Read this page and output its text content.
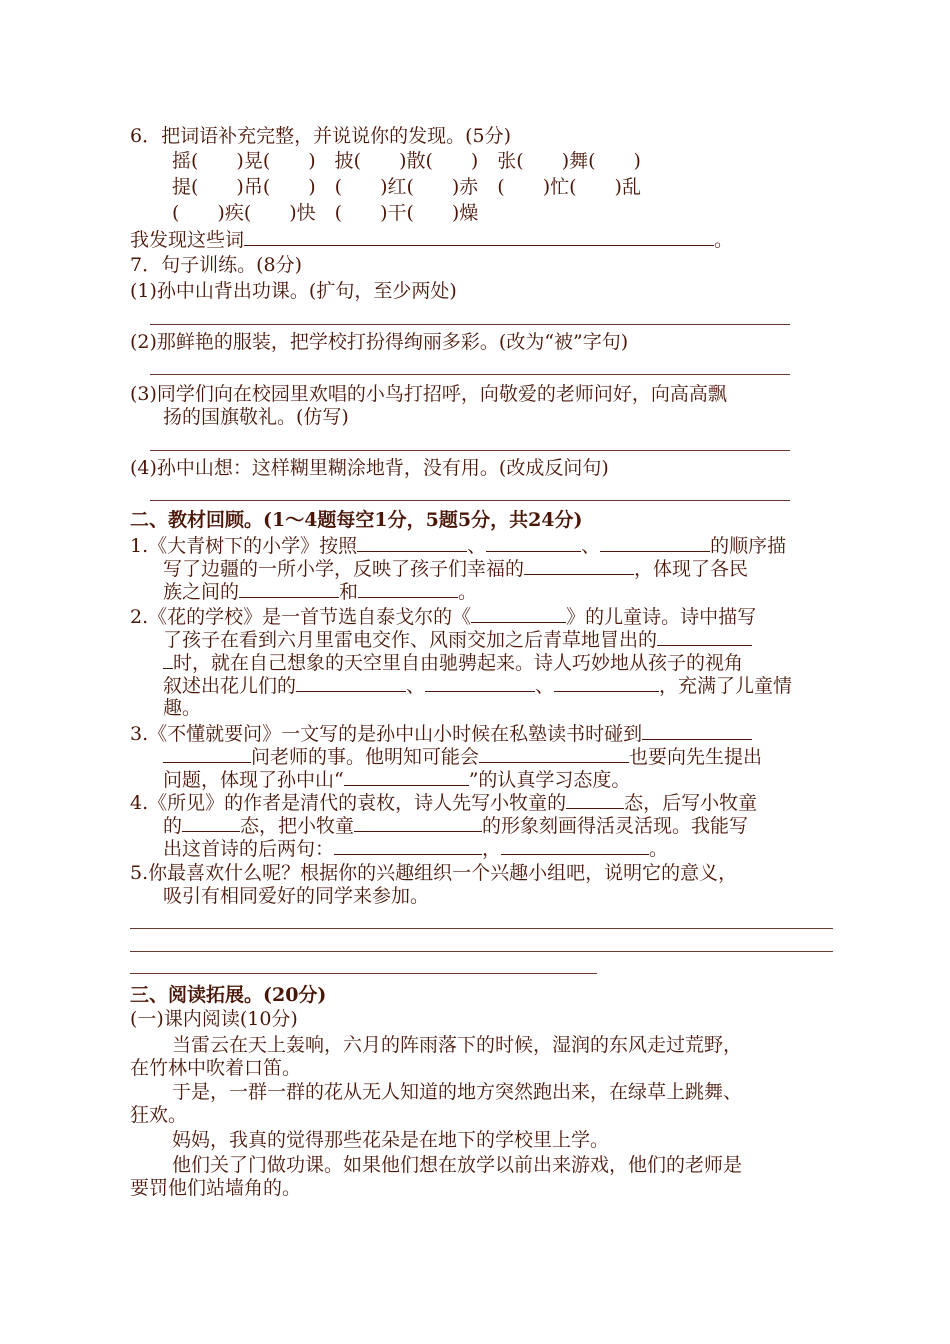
6．把词语补充完整，并说说你的发现。(5分)
摇(　　)晃(　　)　披(　　)散(　　)　张(　　)舞(　　)
提(　　)吊(　　)　(　　)红(　　)赤　(　　)忙(　　)乱
(　　)疾(　　)快　(　　)干(　　)燥
我发现这些词	。
7．句子训练。(8分)
(1)孙中山背出功课。(扩句，至少两处)
(2)那鲜艳的服装，把学校打扮得绚丽多彩。(改为“被”字句)
(3)同学们向在校园里欢唱的小鸟打招呼，向敬爱的老师问好，向高高飘
扬的国旗敬礼。(仿写)
(4)孙中山想：这样糊里糊涂地背，没有用。(改成反问句)
二、教材回顾。(1～4题每空1分，5题5分，共24分)
1.《大青树下的小学》按照	、	、	的顺序描
写了边疆的一所小学，反映了孩子们幸福的	，体现了各民
族之间的	和	。
2.《花的学校》是一首节选自泰戈尔的《	》的儿童诗。诗中描写
了孩子在看到六月里雷电交作、风雨交加之后青草地冒出的
时，就在自己想象的天空里自由驰骋起来。诗人巧妙地从孩子的视角
叙述出花儿们的	、	、	，充满了儿童情
趣。
3.《不懂就要问》一文写的是孙中山小时候在私塾读书时碰到
问老师的事。他明知可能会	也要向先生提出
问题，体现了孙中山“	”的认真学习态度。
4.《所见》的作者是清代的袁枚，诗人先写小牧童的	态，后写小牧童
的	态，把小牧童	的形象刻画得活灵活现。我能写
出这首诗的后两句：	，	。
5.你最喜欢什么呢？根据你的兴趣组织一个兴趣小组吧，说明它的意义，
吸引有相同爱好的同学来参加。
三、阅读拓展。(20分)
(一)课内阅读(10分)
当雷云在天上轰响，六月的阵雨落下的时候，湿润的东风走过荒野，
在竹林中吹着口笛。
于是，一群一群的花从无人知道的地方突然跑出来，在绿草上跳舞、
狂欢。
妈妈，我真的觉得那些花朵是在地下的学校里上学。
他们关了门做功课。如果他们想在放学以前出来游戏，他们的老师是
要罚他们站墙角的。
